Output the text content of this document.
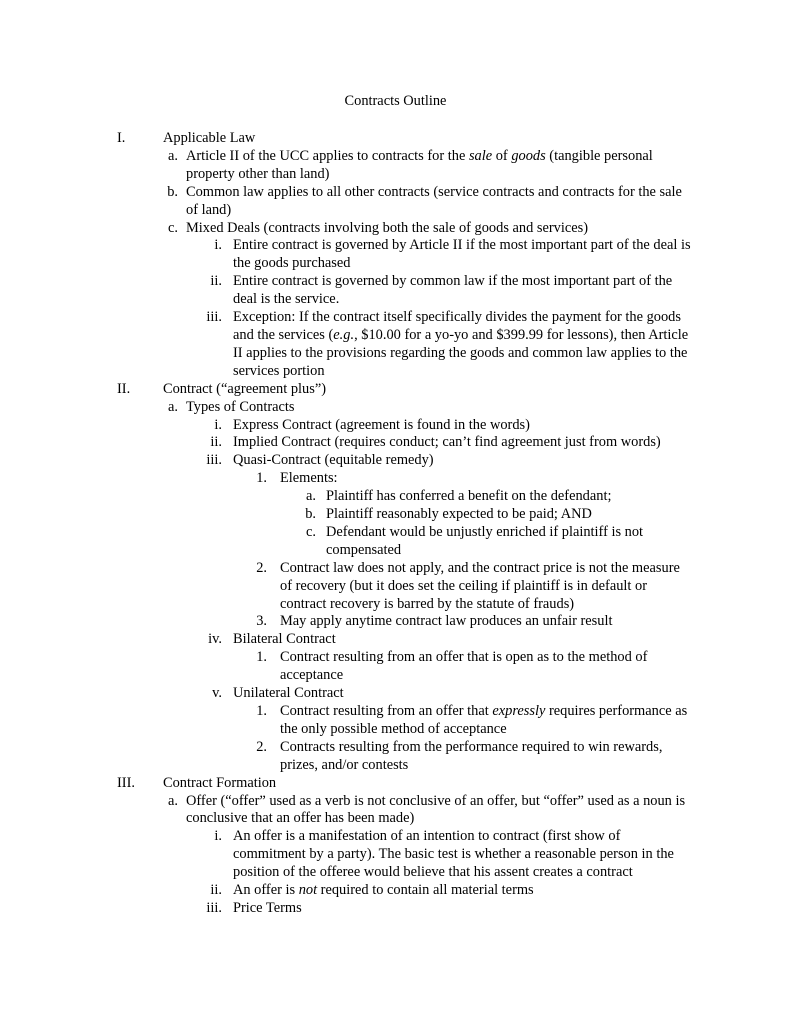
Contracts Outline
I.	Applicable Law
a. Article II of the UCC applies to contracts for the sale of goods (tangible personal property other than land)
b. Common law applies to all other contracts (service contracts and contracts for the sale of land)
c. Mixed Deals (contracts involving both the sale of goods and services)
i. Entire contract is governed by Article II if the most important part of the deal is the goods purchased
ii. Entire contract is governed by common law if the most important part of the deal is the service.
iii. Exception: If the contract itself specifically divides the payment for the goods and the services (e.g., $10.00 for a yo-yo and $399.99 for lessons), then Article II applies to the provisions regarding the goods and common law applies to the services portion
II. Contract (“agreement plus”)
a. Types of Contracts
i. Express Contract (agreement is found in the words)
ii. Implied Contract (requires conduct; can’t find agreement just from words)
iii. Quasi-Contract (equitable remedy)
1. Elements:
a. Plaintiff has conferred a benefit on the defendant;
b. Plaintiff reasonably expected to be paid; AND
c. Defendant would be unjustly enriched if plaintiff is not compensated
2. Contract law does not apply, and the contract price is not the measure of recovery (but it does set the ceiling if plaintiff is in default or contract recovery is barred by the statute of frauds)
3. May apply anytime contract law produces an unfair result
iv. Bilateral Contract
1. Contract resulting from an offer that is open as to the method of acceptance
v. Unilateral Contract
1. Contract resulting from an offer that expressly requires performance as the only possible method of acceptance
2. Contracts resulting from the performance required to win rewards, prizes, and/or contests
III. Contract Formation
a. Offer (“offer” used as a verb is not conclusive of an offer, but “offer” used as a noun is conclusive that an offer has been made)
i. An offer is a manifestation of an intention to contract (first show of commitment by a party). The basic test is whether a reasonable person in the position of the offeree would believe that his assent creates a contract
ii. An offer is not required to contain all material terms
iii. Price Terms
